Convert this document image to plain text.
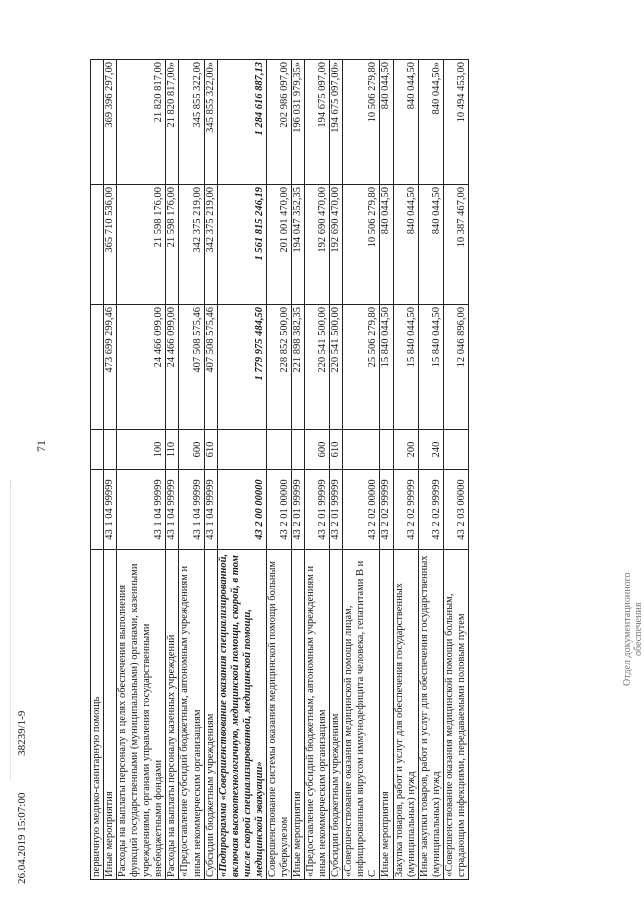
71
первичную медико-санитарную помощь					
Иные мероприятия	43 1 04 99999		473 699 299,46	365 710 536,00	369 396 297,00
Расходы на выплаты персоналу в целях обеспечения выполнения функций государственными (муниципальными) органами, казенными учреждениями, органами управления государственными внебюджетными фондами	43 1 04 99999	100	24 466 099,00	21 598 176,00	21 820 817,00
Расходы на выплаты персоналу казенных учреждений	43 1 04 99999	110	24 466 099,00	21 598 176,00	21 820 817,00»
«Предоставление субсидий бюджетным, автономным учреждениям и иным некоммерческим организациям	43 1 04 99999	600	407 508 575,46	342 375 219,00	345 855 322,00
Субсидии бюджетным учреждениям	43 1 04 99999	610	407 508 575,46	342 375 219,00	345 855 322,00»
«Подпрограмма «Совершенствование оказания специализированной, включая высокотехнологичную, медицинской помощи, скорой, в том числе скорой специализированной, медицинской помощи, медицинской эвакуации»	43 2 00 00000		1 779 975 484,50	1 561 815 246,19	1 284 616 887,13
Совершенствование системы оказания медицинской помощи больным туберкулезом	43 2 01 00000		228 852 500,00	201 001 470,00	202 986 097,00
Иные мероприятия	43 2 01 99999		221 898 382,35	194 047 352,35	196 031 979,35»
«Предоставление субсидий бюджетным, автономным учреждениям и иным некоммерческим организациям	43 2 01 99999	600	220 541 500,00	192 690 470,00	194 675 097,00
Субсидии бюджетным учреждениям	43 2 01 99999	610	220 541 500,00	192 690 470,00	194 675 097,00»
«Совершенствование оказания медицинской помощи лицам, инфицированным вирусом иммунодефицита человека, гепатитами B и C	43 2 02 00000		25 506 279,80	10 506 279,80	10 506 279,80
Иные мероприятия	43 2 02 99999		15 840 044,50	840 044,50	840 044,50
Закупка товаров, работ и услуг для обеспечения государственных (муниципальных) нужд	43 2 02 99999	200	15 840 044,50	840 044,50	840 044,50
Иные закупки товаров, работ и услуг для обеспечения государственных (муниципальных) нужд	43 2 02 99999	240	15 840 044,50	840 044,50	840 044,50»
«Совершенствование оказания медицинской помощи больным, страдающим инфекциями, передаваемыми половым путем	43 2 03 00000		12 046 896,00	10 387 467,00	10 494 453,00
26.04.2019 15:07:00 38239/1-9
Отдел документационного обеспечения
